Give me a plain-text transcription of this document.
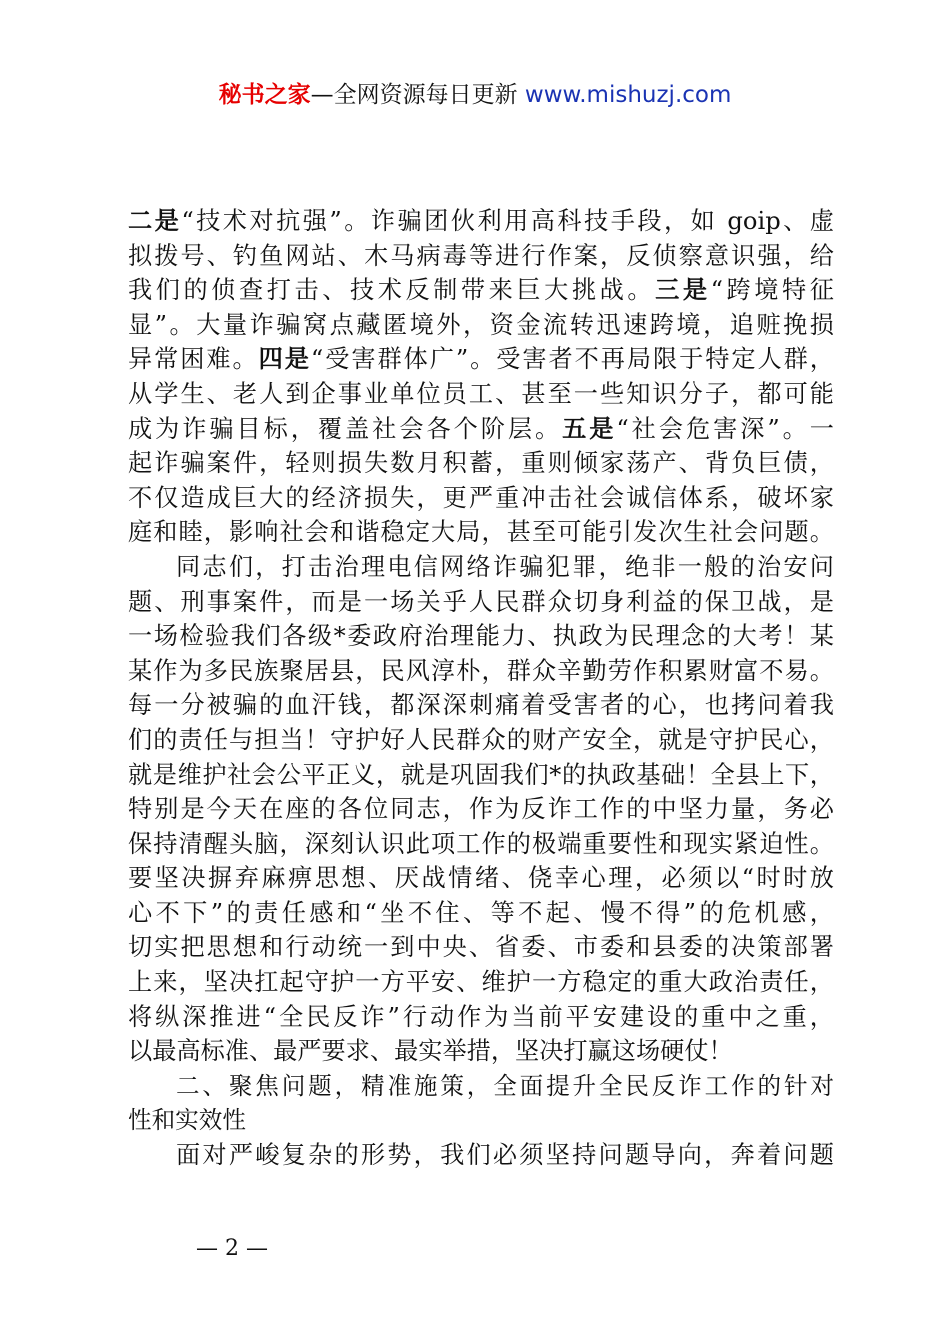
秘书之家—全网资源每日更新 www.mishuzj.com
二是“技术对抗强”。诈骗团伙利用高科技手段，如 goip、虚
拟拨号、钓鱼网站、木马病毒等进行作案，反侦察意识强，给
我们的侦查打击、技术反制带来巨大挑战。三是“跨境特征
显”。大量诈骗窝点藏匿境外，资金流转迅速跨境，追赃挽损
异常困难。四是“受害群体广”。受害者不再局限于特定人群，
从学生、老人到企事业单位员工、甚至一些知识分子，都可能
成为诈骗目标，覆盖社会各个阶层。五是“社会危害深”。一
起诈骗案件，轻则损失数月积蓄，重则倾家荡产、背负巨债，
不仅造成巨大的经济损失，更严重冲击社会诚信体系，破坏家
庭和睦，影响社会和谐稳定大局，甚至可能引发次生社会问题。
同志们，打击治理电信网络诈骗犯罪，绝非一般的治安问
题、刑事案件，而是一场关乎人民群众切身利益的保卫战，是
一场检验我们各级*委政府治理能力、执政为民理念的大考！某
某作为多民族聚居县，民风淳朴，群众辛勤劳作积累财富不易。
每一分被骗的血汗钱，都深深刺痛着受害者的心，也拷问着我
们的责任与担当！守护好人民群众的财产安全，就是守护民心，
就是维护社会公平正义，就是巩固我们*的执政基础！全县上下，
特别是今天在座的各位同志，作为反诈工作的中坚力量，务必
保持清醒头脑，深刻认识此项工作的极端重要性和现实紧迫性。
要坚决摒弃麻痹思想、厌战情绪、侥幸心理，必须以“时时放
心不下”的责任感和“坐不住、等不起、慢不得”的危机感，
切实把思想和行动统一到中央、省委、市委和县委的决策部署
上来，坚决扛起守护一方平安、维护一方稳定的重大政治责任，
将纵深推进“全民反诈”行动作为当前平安建设的重中之重，
以最高标准、最严要求、最实举措，坚决打赢这场硬仗！
二、聚焦问题，精准施策，全面提升全民反诈工作的针对
性和实效性
面对严峻复杂的形势，我们必须坚持问题导向，奔着问题
— 2 —
